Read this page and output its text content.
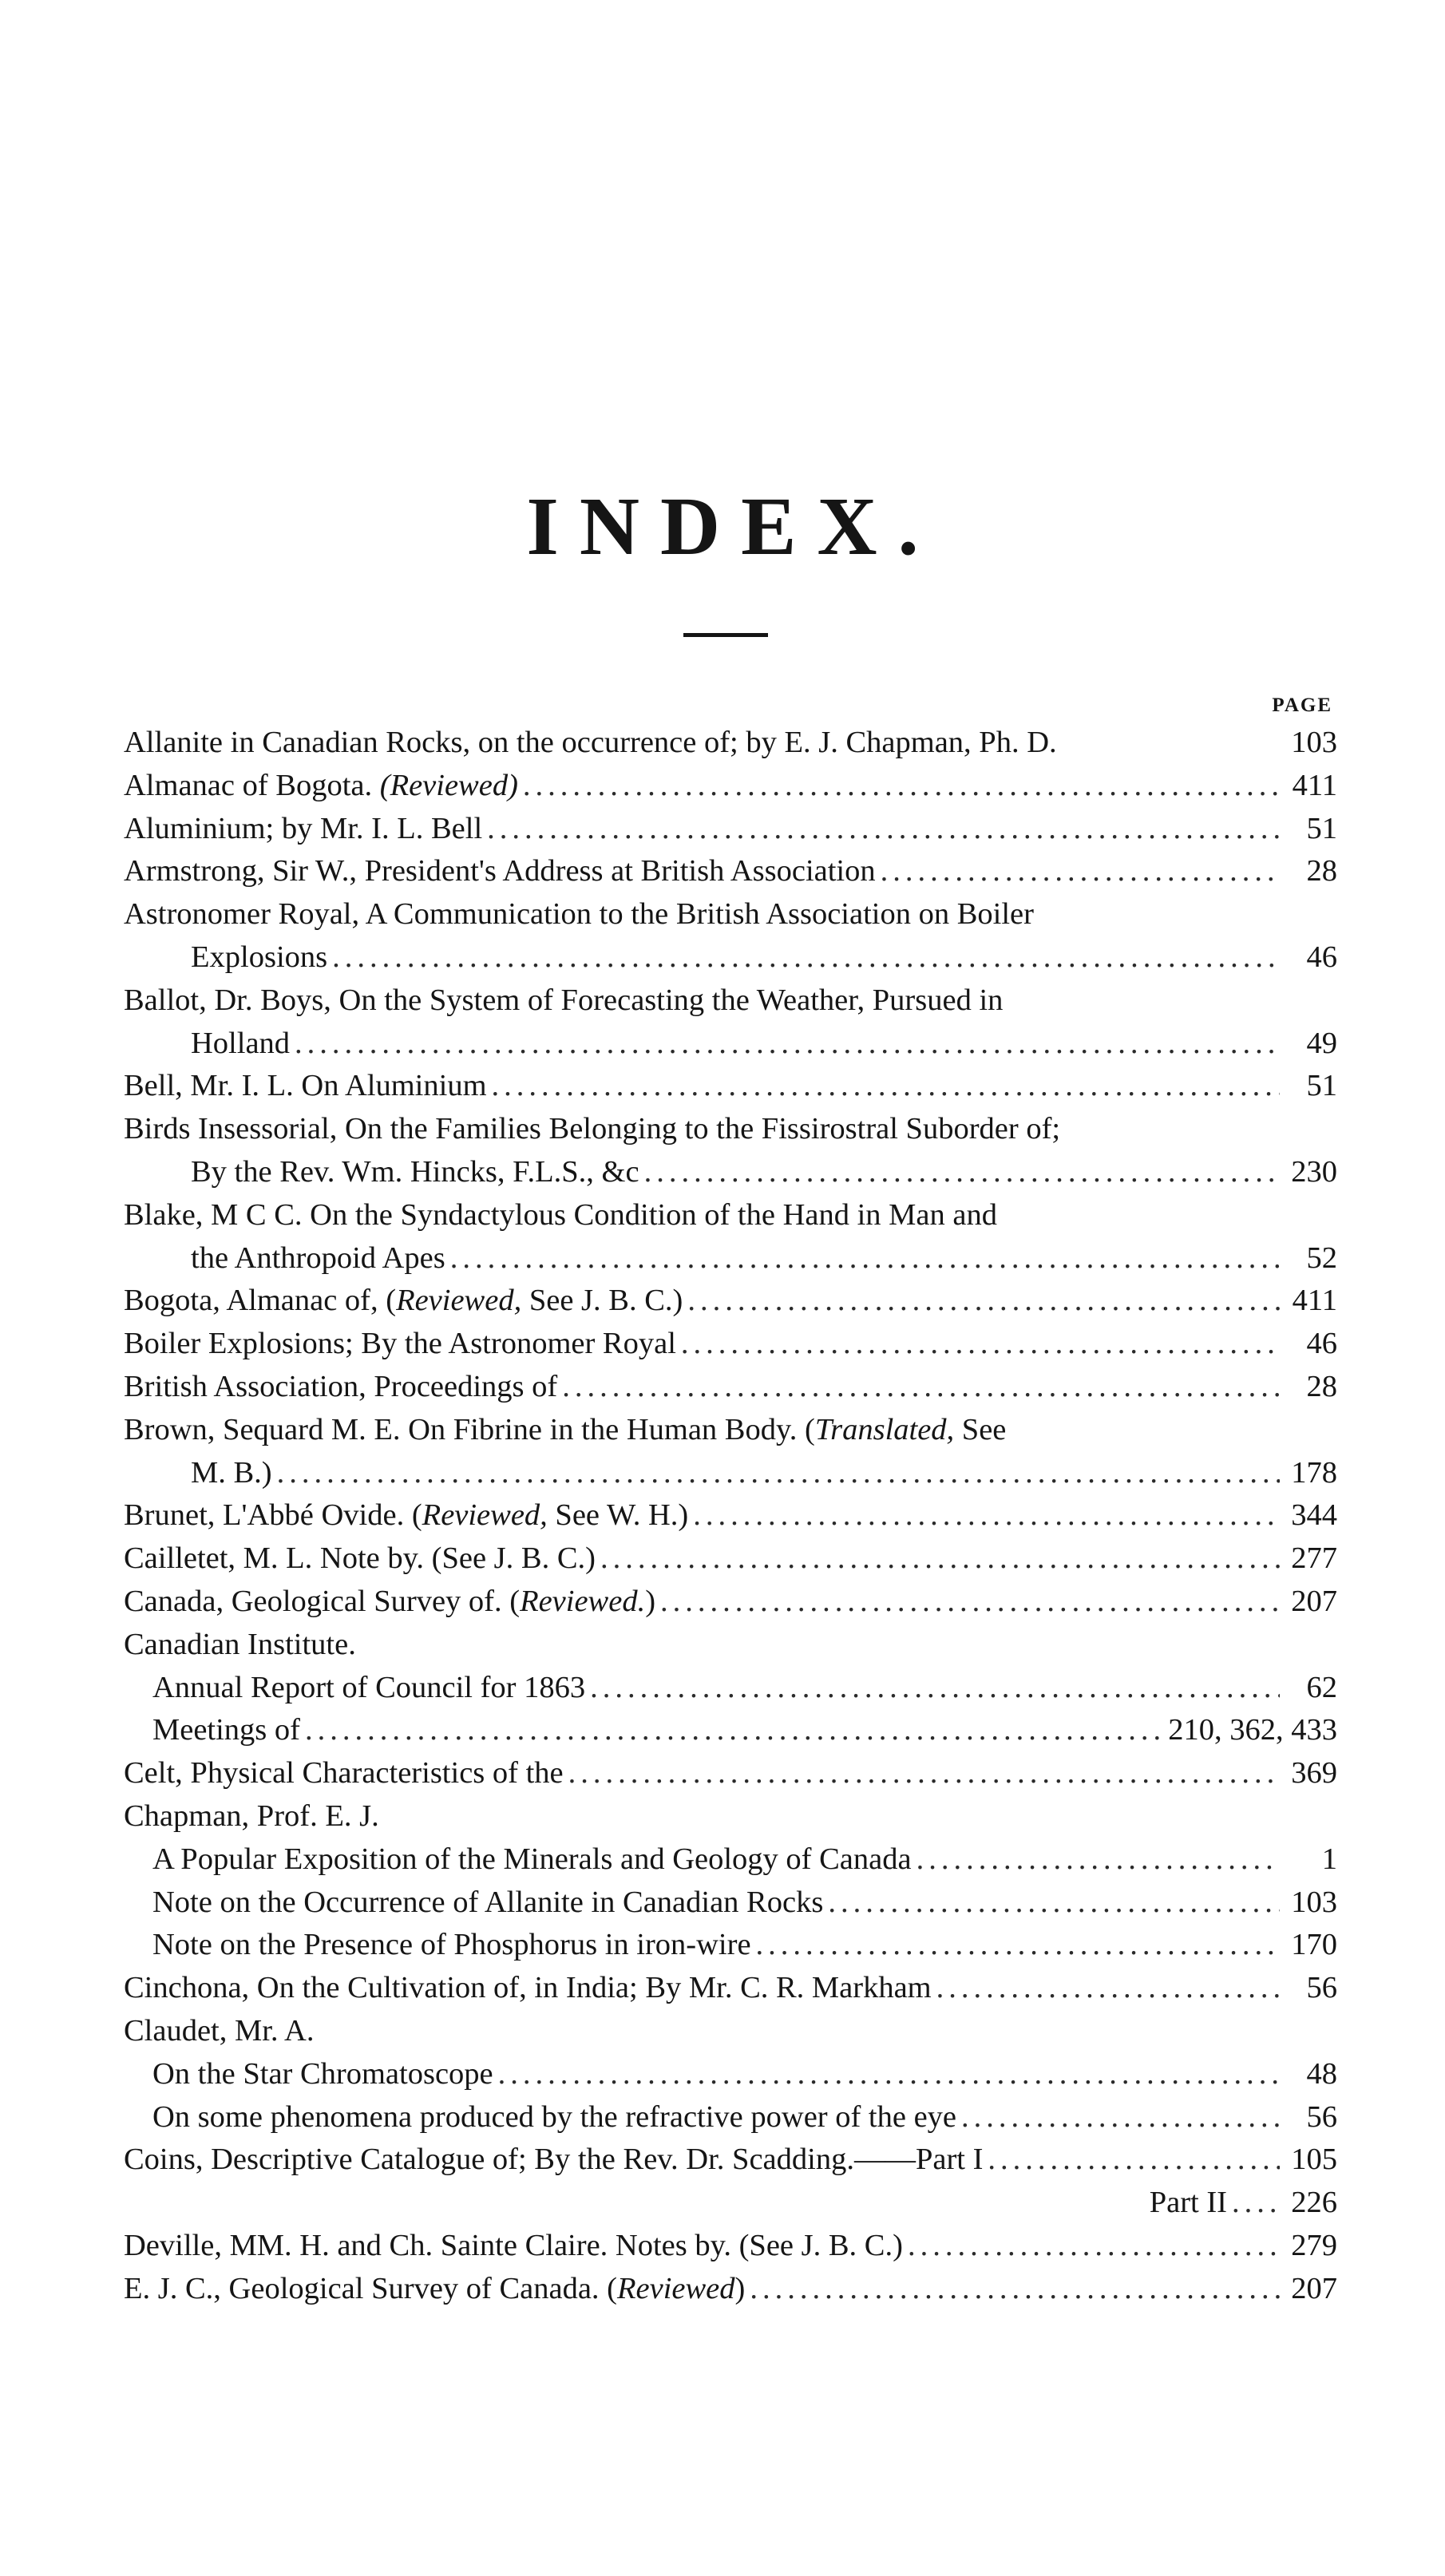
INDEX.
PAGE
Allanite in Canadian Rocks, on the occurrence of; by E. J. Chapman, Ph. D.	103
Almanac of Bogota. (Reviewed) .....	411
Aluminium; by Mr. I. L. Bell .....	51
Armstrong, Sir W., President's Address at British Association .....	28
Astronomer Royal, A Communication to the British Association on Boiler
Explosions .....	46
Ballot, Dr. Boys, On the System of Forecasting the Weather, Pursued in
Holland .....	49
Bell, Mr. I. L. On Aluminium .....	51
Birds Insessorial, On the Families Belonging to the Fissirostral Suborder of;
By the Rev. Wm. Hincks, F.L.S., &c .....	230
Blake, M C C. On the Syndactylous Condition of the Hand in Man and
the Anthropoid Apes .....	52
Bogota, Almanac of, (Reviewed, See J. B. C.) .....	411
Boiler Explosions; By the Astronomer Royal .....	46
British Association, Proceedings of .....	28
Brown, Sequard M. E. On Fibrine in the Human Body. (Translated, See
M. B.) .....	178
Brunet, L'Abbé Ovide. (Reviewed, See W. H.) .....	344
Cailletet, M. L. Note by. (See J. B. C.) .....	277
Canada, Geological Survey of. (Reviewed.) .....	207
Canadian Institute.
Annual Report of Council for 1863 .....	62
Meetings of .....	210, 362, 433
Celt, Physical Characteristics of the .....	369
Chapman, Prof. E. J.
A Popular Exposition of the Minerals and Geology of Canada .....	1
Note on the Occurrence of Allanite in Canadian Rocks .....	103
Note on the Presence of Phosphorus in iron-wire .....	170
Cinchona, On the Cultivation of, in India; By Mr. C. R. Markham .....	56
Claudet, Mr. A.
On the Star Chromatoscope .....	48
On some phenomena produced by the refractive power of the eye .....	56
Coins, Descriptive Catalogue of; By the Rev. Dr. Scadding.——Part I .....	105
Part II ..... 226
Deville, MM. H. and Ch. Sainte Claire. Notes by. (See J. B. C.) .....	279
E. J. C., Geological Survey of Canada. (Reviewed) .....	207
